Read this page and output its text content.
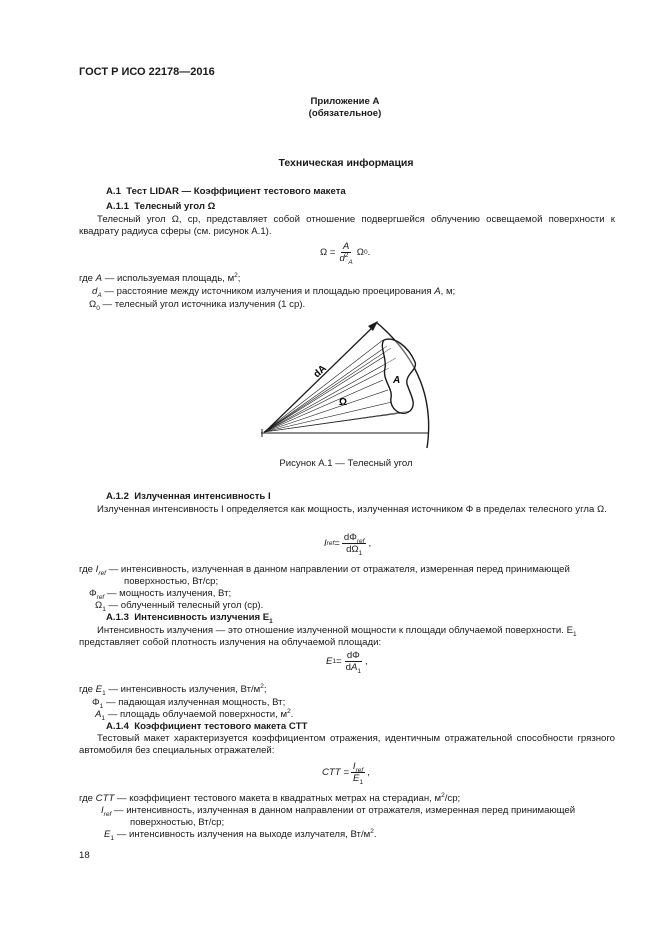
ГОСТ Р ИСО 22178—2016
Приложение А
(обязательное)
Техническая информация
А.1 Тест LIDAR — Коэффициент тестового макета
А.1.1 Телесный угол Ω
Телесный угол Ω, ср, представляет собой отношение подвергшейся облучению освещаемой поверхности к квадрату радиуса сферы (см. рисунок А.1).
$\Omega = \frac{A}{d^2_A}$ Ω 0 .
где A — используемая площадь, $м^2$;
$d_A$ — расстояние между источником излучения и площадью проецирования A, м;
$\Omega_0$ — телесный угол источника излучения (1 ср).
dA
A
Ω
Рисунок А.1 — Телесный угол
А.1.2 Излученная интенсивность I
Излученная интенсивность I определяется как мощность, излученная источником Φ в пределах телесного угла Ω.
I ref = $\frac{d\Phi_{ref}}{d\Omega_1}$ ,
где $I_{ref}$ — интенсивность, излученная в данном направлении от отражателя, измеренная перед принимающей
поверхностью, Вт/ср;
$\Phi_{ref}$ — мощность излучения, Вт;
$\Omega_1$ — облученный телесный угол (ср).
А.1.3 Интенсивность излучения $E_1$
Интенсивность излучения — это отношение излученной мощности к площади облучаемой поверхности. $E_1$
представляет собой плотность излучения на облучаемой площади:
E $1 = \frac{d\Phi}{dA_1}$ ,
где $E_1$ — интенсивность излучения, $Вт/м^2$;
$\Phi_1$ — падающая излученная мощность, Вт;
$A_1$ — площадь облучаемой поверхности, $м^2$.
А.1.4 Коэффициент тестового макета CTT
Тестовый макет характеризуется коэффициентом отражения, идентичным отражательной способности грязного автомобиля без специальных отражателей:
CTT = $\frac{I_{ref}}{E_1}$ ,
где CTT — коэффициент тестового макета в квадратных метрах на стерадиан, $м^2/ср$;
$I_{ref}$ — интенсивность, излученная в данном направлении от отражателя, измеренная перед принимающей
поверхностью, Вт/ср;
$E_1$ — интенсивность излучения на выходе излучателя, $Вт/м^2$.
18
